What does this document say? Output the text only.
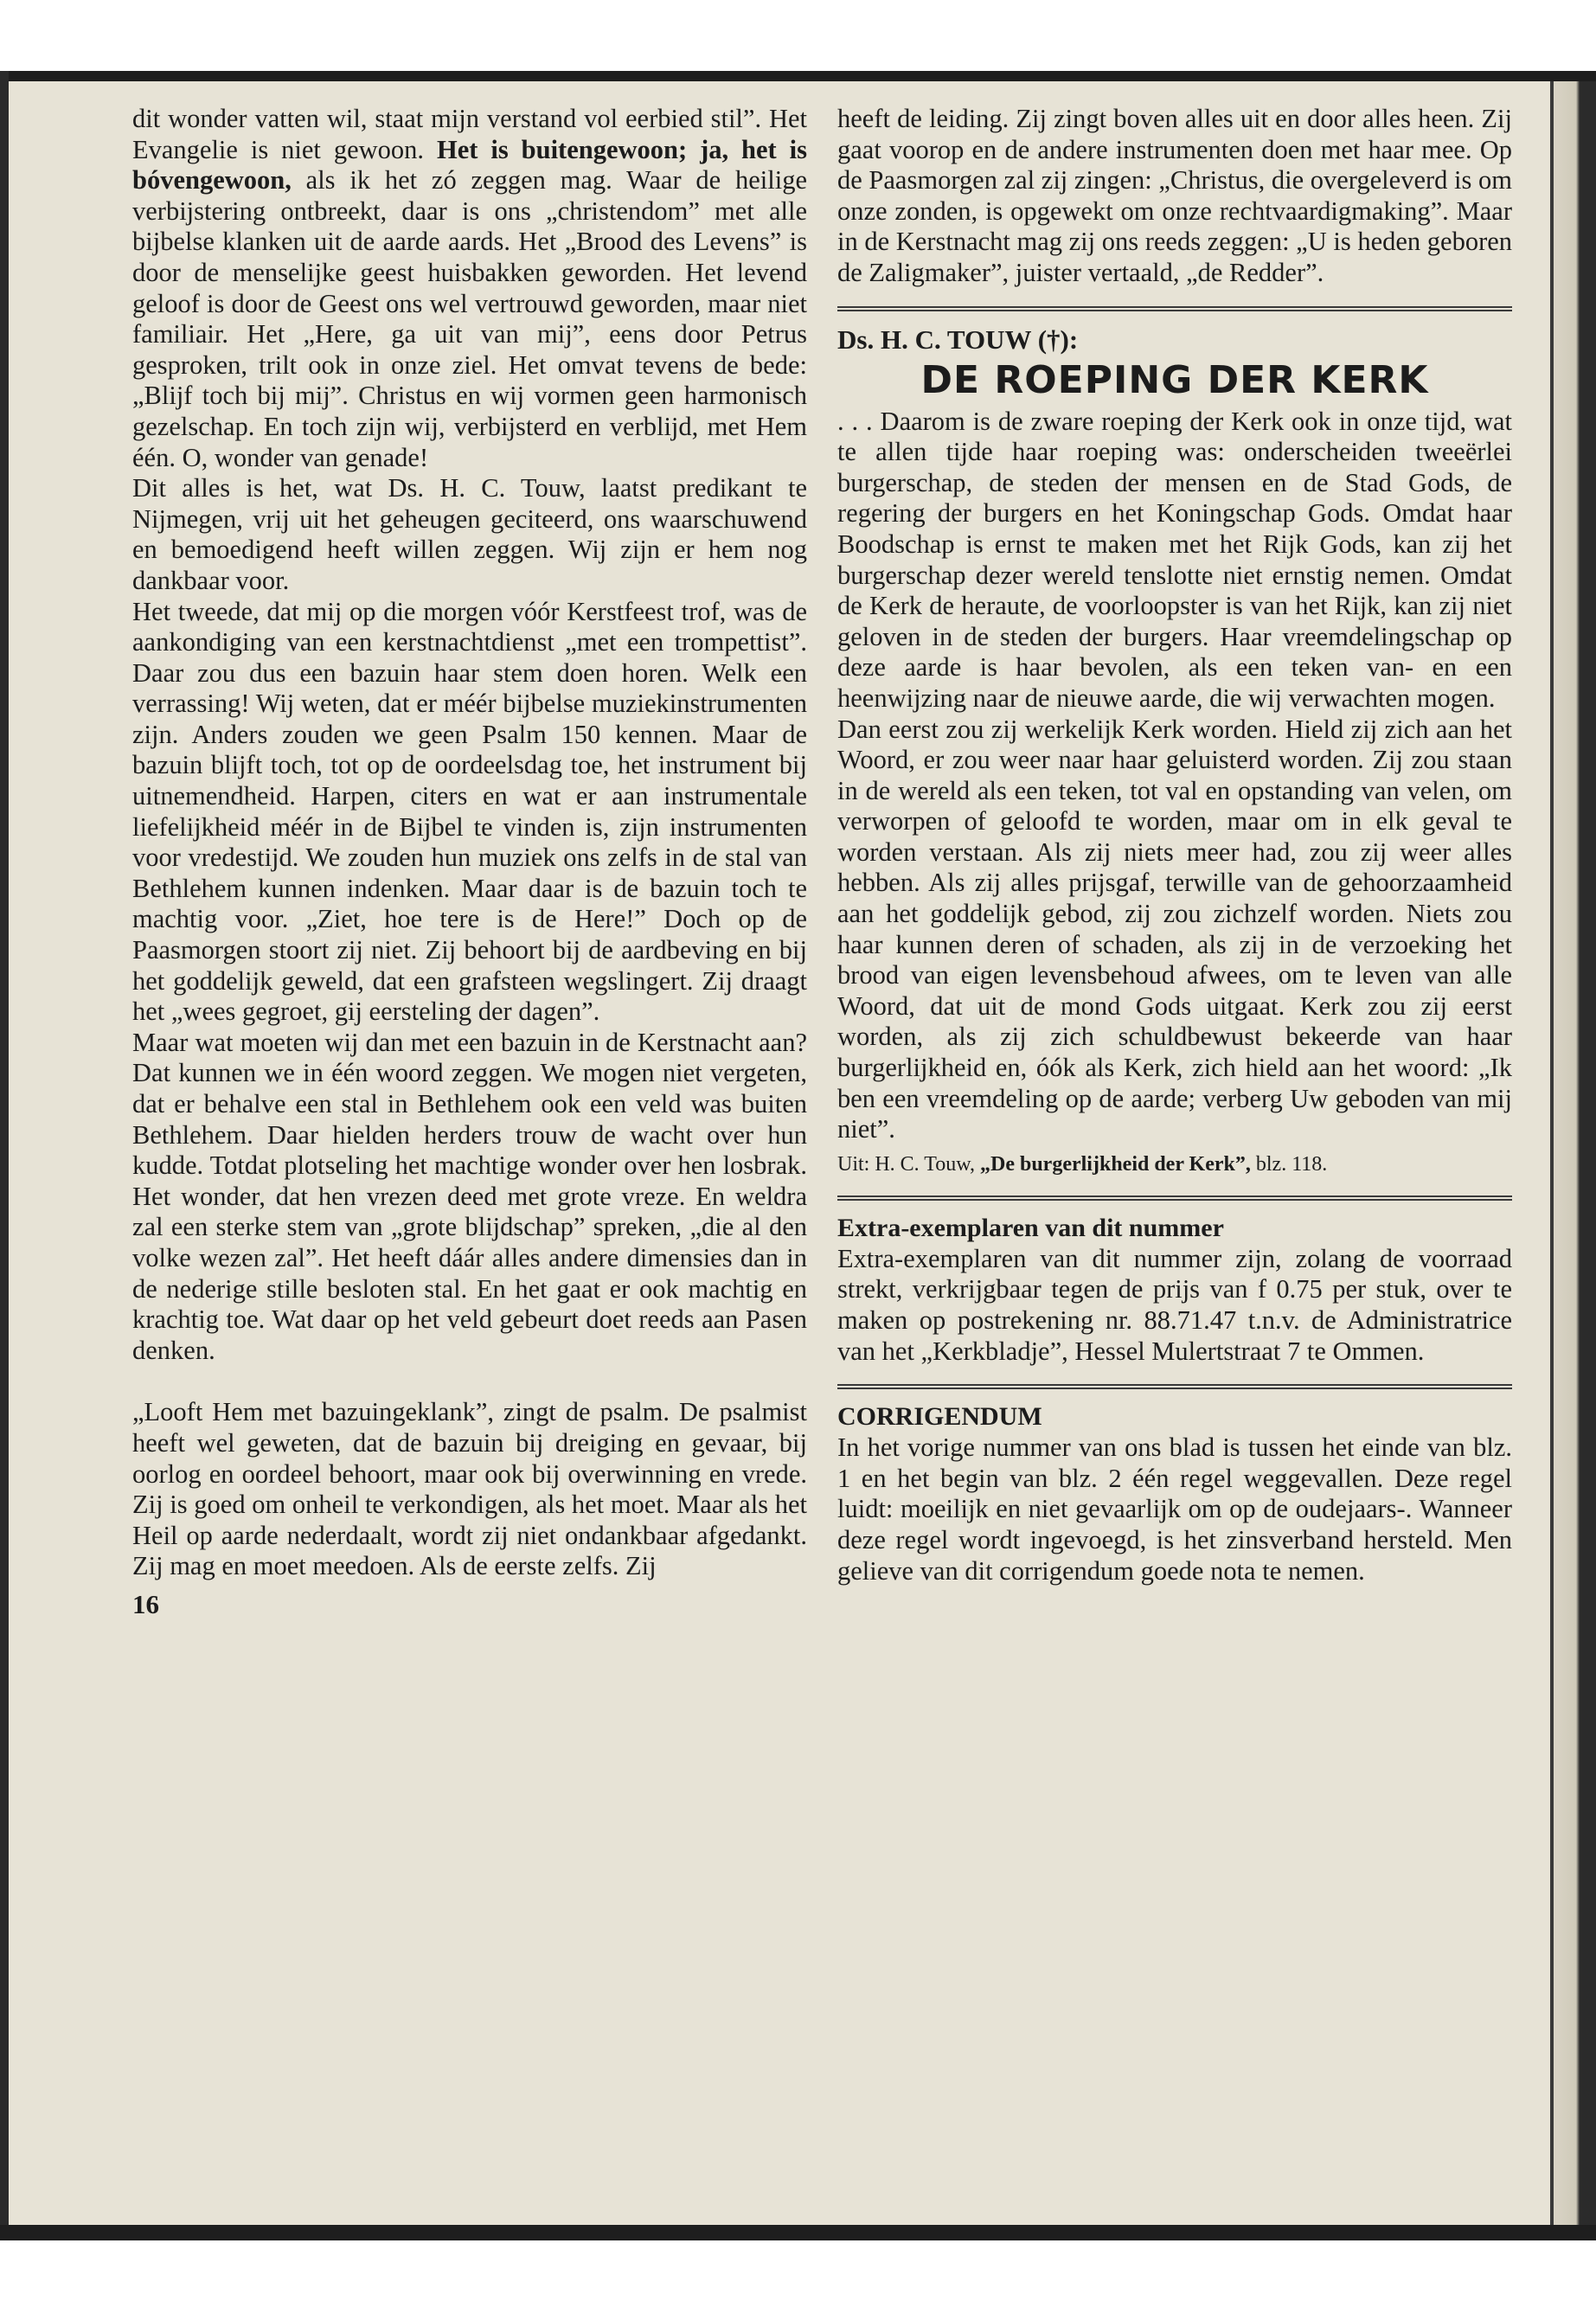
dit wonder vatten wil, staat mijn verstand vol eerbied stil”. Het Evangelie is niet gewoon. Het is buitengewoon; ja, het is bóvengewoon, als ik het zó zeggen mag. Waar de heilige verbijstering ontbreekt, daar is ons „christendom” met alle bijbelse klanken uit de aarde aards. Het „Brood des Levens” is door de menselijke geest huisbakken geworden. Het levend geloof is door de Geest ons wel vertrouwd geworden, maar niet familiair. Het „Here, ga uit van mij”, eens door Petrus gesproken, trilt ook in onze ziel. Het omvat tevens de bede: „Blijf toch bij mij”. Christus en wij vormen geen harmonisch gezelschap. En toch zijn wij, verbijsterd en verblijd, met Hem één. O, wonder van genade!

Dit alles is het, wat Ds. H. C. Touw, laatst predikant te Nijmegen, vrij uit het geheugen geciteerd, ons waarschuwend en bemoedigend heeft willen zeggen. Wij zijn er hem nog dankbaar voor.

Het tweede, dat mij op die morgen vóór Kerstfeest trof, was de aankondiging van een kerstnachtdienst „met een trompettist”. Daar zou dus een bazuin haar stem doen horen. Welk een verrassing! Wij weten, dat er méér bijbelse muziekinstrumenten zijn. Anders zouden we geen Psalm 150 kennen. Maar de bazuin blijft toch, tot op de oordeelsdag toe, het instrument bij uitnemendheid. Harpen, citers en wat er aan instrumentale liefelijkheid méér in de Bijbel te vinden is, zijn instrumenten voor vredestijd. We zouden hun muziek ons zelfs in de stal van Bethlehem kunnen indenken. Maar daar is de bazuin toch te machtig voor. „Ziet, hoe tere is de Here!” Doch op de Paasmorgen stoort zij niet. Zij behoort bij de aardbeving en bij het goddelijk geweld, dat een grafsteen wegslingert. Zij draagt het „wees gegroet, gij eersteling der dagen”.

Maar wat moeten wij dan met een bazuin in de Kerstnacht aan? Dat kunnen we in één woord zeggen. We mogen niet vergeten, dat er behalve een stal in Bethlehem ook een veld was buiten Bethlehem. Daar hielden herders trouw de wacht over hun kudde. Totdat plotseling het machtige wonder over hen losbrak. Het wonder, dat hen vrezen deed met grote vreze. En weldra zal een sterke stem van „grote blijdschap” spreken, „die al den volke wezen zal”. Het heeft dáár alles andere dimensies dan in de nederige stille besloten stal. En het gaat er ook machtig en krachtig toe. Wat daar op het veld gebeurt doet reeds aan Pasen denken.

„Looft Hem met bazuingeklank”, zingt de psalm. De psalmist heeft wel geweten, dat de bazuin bij dreiging en gevaar, bij oorlog en oordeel behoort, maar ook bij overwinning en vrede. Zij is goed om onheil te verkondigen, als het moet. Maar als het Heil op aarde nederdaalt, wordt zij niet ondankbaar afgedankt. Zij mag en moet meedoen. Als de eerste zelfs. Zij

16

heeft de leiding. Zij zingt boven alles uit en door alles heen. Zij gaat voorop en de andere instrumenten doen met haar mee. Op de Paasmorgen zal zij zingen: „Christus, die overgeleverd is om onze zonden, is opgewekt om onze rechtvaardigmaking”. Maar in de Kerstnacht mag zij ons reeds zeggen: „U is heden geboren de Zaligmaker”, juister vertaald, „de Redder”.

Ds. H. C. TOUW (†):
DE ROEPING DER KERK

. . . Daarom is de zware roeping der Kerk ook in onze tijd, wat te allen tijde haar roeping was: onderscheiden tweeërlei burgerschap, de steden der mensen en de Stad Gods, de regering der burgers en het Koningschap Gods. Omdat haar Boodschap is ernst te maken met het Rijk Gods, kan zij het burgerschap dezer wereld tenslotte niet ernstig nemen. Omdat de Kerk de heraute, de voorloopster is van het Rijk, kan zij niet geloven in de steden der burgers. Haar vreemdelingschap op deze aarde is haar bevolen, als een teken van- en een heenwijzing naar de nieuwe aarde, die wij verwachten mogen.

Dan eerst zou zij werkelijk Kerk worden. Hield zij zich aan het Woord, er zou weer naar haar geluisterd worden. Zij zou staan in de wereld als een teken, tot val en opstanding van velen, om verworpen of geloofd te worden, maar om in elk geval te worden verstaan. Als zij niets meer had, zou zij weer alles hebben. Als zij alles prijsgaf, terwille van de gehoorzaamheid aan het goddelijk gebod, zij zou zichzelf worden. Niets zou haar kunnen deren of schaden, als zij in de verzoeking het brood van eigen levensbehoud afwees, om te leven van alle Woord, dat uit de mond Gods uitgaat. Kerk zou zij eerst worden, als zij zich schuldbewust bekeerde van haar burgerlijkheid en, óók als Kerk, zich hield aan het woord: „Ik ben een vreemdeling op de aarde; verberg Uw geboden van mij niet”.

Uit: H. C. Touw, „De burgerlijkheid der Kerk”, blz. 118.
Extra-exemplaren van dit nummer

Extra-exemplaren van dit nummer zijn, zolang de voorraad strekt, verkrijgbaar tegen de prijs van f 0.75 per stuk, over te maken op postrekening nr. 88.71.47 t.n.v. de Administratrice van het „Kerkbladje”, Hessel Mulertstraat 7 te Ommen.

CORRIGENDUM

In het vorige nummer van ons blad is tussen het einde van blz. 1 en het begin van blz. 2 één regel weggevallen. Deze regel luidt: moeilijk en niet gevaarlijk om op de oudejaars-. Wanneer deze regel wordt ingevoegd, is het zinsverband hersteld. Men gelieve van dit corrigendum goede nota te nemen.
